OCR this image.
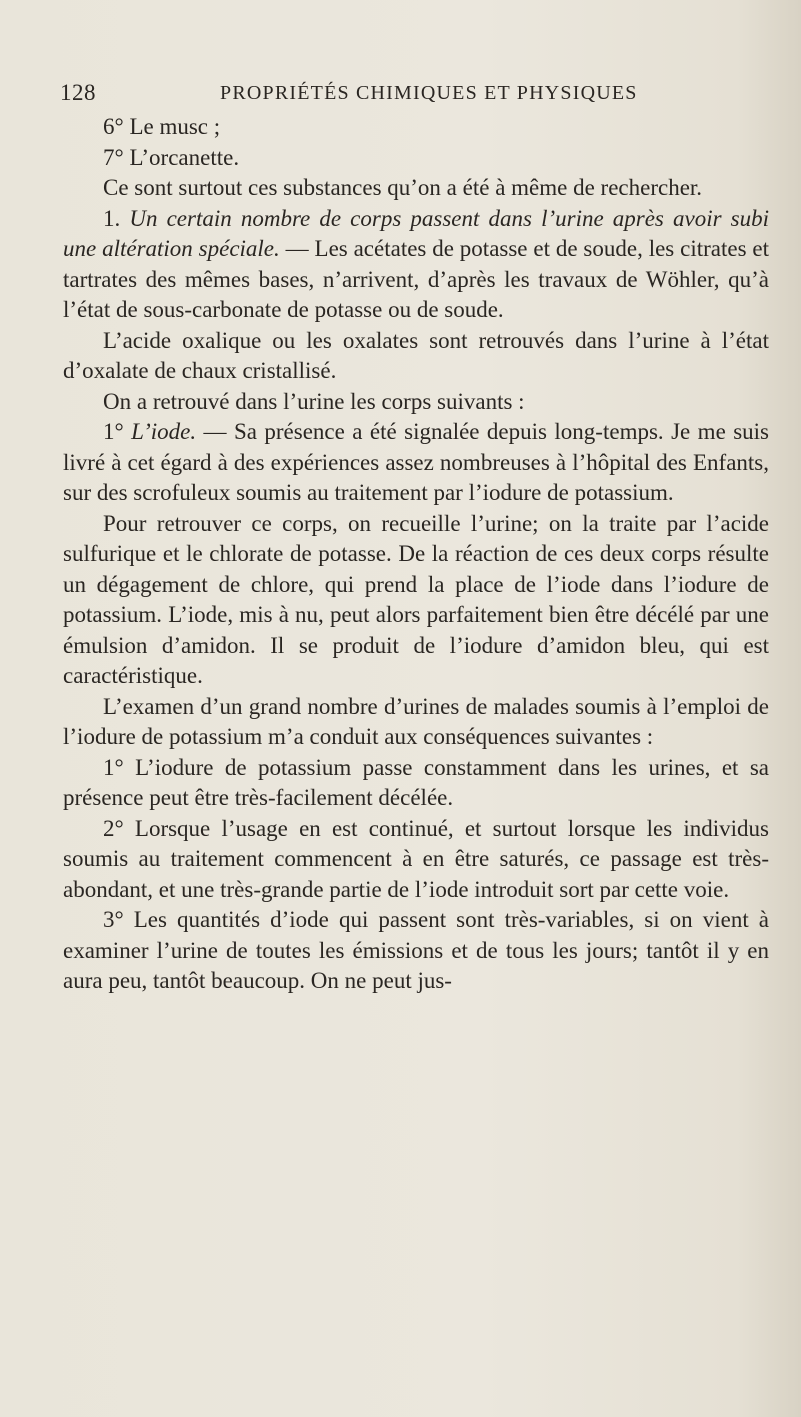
128	PROPRIÉTÉS CHIMIQUES ET PHYSIQUES

6° Le musc ;

7° L’orcanette.

Ce sont surtout ces substances qu’on a été à même de rechercher.

1. Un certain nombre de corps passent dans l’urine après avoir subi une altération spéciale. — Les acétates de potasse et de soude, les citrates et tartrates des mêmes bases, n’arrivent, d’après les travaux de Wöhler, qu’à l’état de sous-carbonate de potasse ou de soude.

L’acide oxalique ou les oxalates sont retrouvés dans l’urine à l’état d’oxalate de chaux cristallisé.

On a retrouvé dans l’urine les corps suivants :

1° L’iode. — Sa présence a été signalée depuis long-temps. Je me suis livré à cet égard à des expériences assez nombreuses à l’hôpital des Enfants, sur des scrofuleux soumis au traitement par l’iodure de potassium.

Pour retrouver ce corps, on recueille l’urine; on la traite par l’acide sulfurique et le chlorate de potasse. De la réaction de ces deux corps résulte un dégagement de chlore, qui prend la place de l’iode dans l’iodure de potassium. L’iode, mis à nu, peut alors parfaitement bien être décélé par une émulsion d’amidon. Il se produit de l’iodure d’amidon bleu, qui est caractéristique.

L’examen d’un grand nombre d’urines de malades soumis à l’emploi de l’iodure de potassium m’a conduit aux conséquences suivantes :

1° L’iodure de potassium passe constamment dans les urines, et sa présence peut être très-facilement décélée.

2° Lorsque l’usage en est continué, et surtout lorsque les individus soumis au traitement commencent à en être saturés, ce passage est très-abondant, et une très-grande partie de l’iode introduit sort par cette voie.

3° Les quantités d’iode qui passent sont très-variables, si on vient à examiner l’urine de toutes les émissions et de tous les jours; tantôt il y en aura peu, tantôt beaucoup. On ne peut jus-
